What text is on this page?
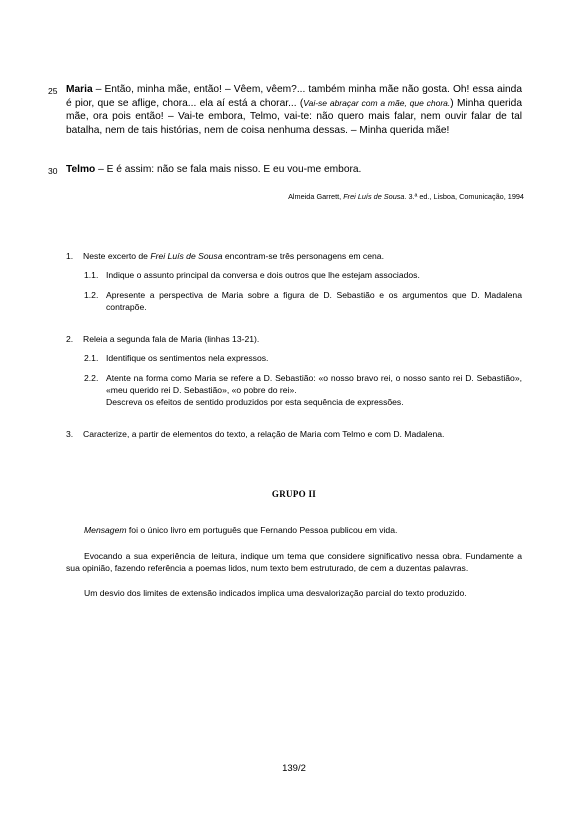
25 Maria – Então, minha mãe, então! – Vêem, vêem?... também minha mãe não gosta. Oh! essa ainda é pior, que se aflige, chora... ela aí está a chorar... (Vai-se abraçar com a mãe, que chora.) Minha querida mãe, ora pois então! – Vai-te embora, Telmo, vai-te: não quero mais falar, nem ouvir falar de tal batalha, nem de tais histórias, nem de coisa nenhuma dessas. – Minha querida mãe!
30 Telmo – E é assim: não se fala mais nisso. E eu vou-me embora.
Almeida Garrett, Frei Luís de Sousa. 3.ª ed., Lisboa, Comunicação, 1994
1. Neste excerto de Frei Luís de Sousa encontram-se três personagens em cena.
1.1. Indique o assunto principal da conversa e dois outros que lhe estejam associados.
1.2. Apresente a perspectiva de Maria sobre a figura de D. Sebastião e os argumentos que D. Madalena contrapõe.
2. Releia a segunda fala de Maria (linhas 13-21).
2.1. Identifique os sentimentos nela expressos.
2.2. Atente na forma como Maria se refere a D. Sebastião: «o nosso bravo rei, o nosso santo rei D. Sebastião», «meu querido rei D. Sebastião», «o pobre do rei».
Descreva os efeitos de sentido produzidos por esta sequência de expressões.
3. Caracterize, a partir de elementos do texto, a relação de Maria com Telmo e com D. Madalena.
GRUPO II
Mensagem foi o único livro em português que Fernando Pessoa publicou em vida.
Evocando a sua experiência de leitura, indique um tema que considere significativo nessa obra. Fundamente a sua opinião, fazendo referência a poemas lidos, num texto bem estruturado, de cem a duzentas palavras.
Um desvio dos limites de extensão indicados implica uma desvalorização parcial do texto produzido.
139/2
